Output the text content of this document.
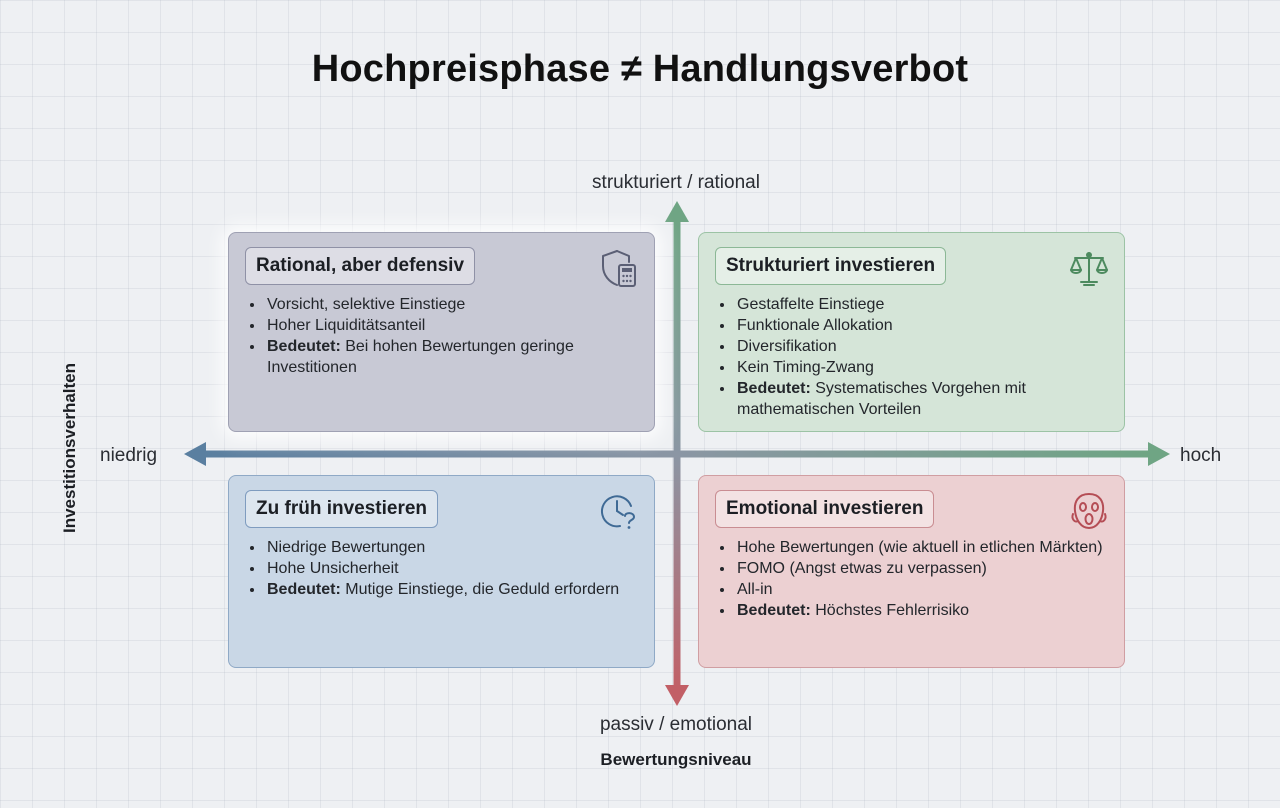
Hochpreisphase ≠ Handlungsverbot
strukturiert / rational
passiv / emotional
niedrig	hoch
Bewertungsniveau
Investitionsverhalten
Rational, aber defensiv
• Vorsicht, selektive Einstiege
• Hoher Liquiditätsanteil
• Bedeutet: Bei hohen Bewertungen geringe Investitionen
Strukturiert investieren
• Gestaffelte Einstiege
• Funktionale Allokation
• Diversifikation
• Kein Timing-Zwang
• Bedeutet: Systematisches Vorgehen mit mathematischen Vorteilen
Zu früh investieren
• Niedrige Bewertungen
• Hohe Unsicherheit
• Bedeutet: Mutige Einstiege, die Geduld erfordern
Emotional investieren
• Hohe Bewertungen (wie aktuell in etlichen Märkten)
• FOMO (Angst etwas zu verpassen)
• All-in
• Bedeutet: Höchstes Fehlerrisiko
